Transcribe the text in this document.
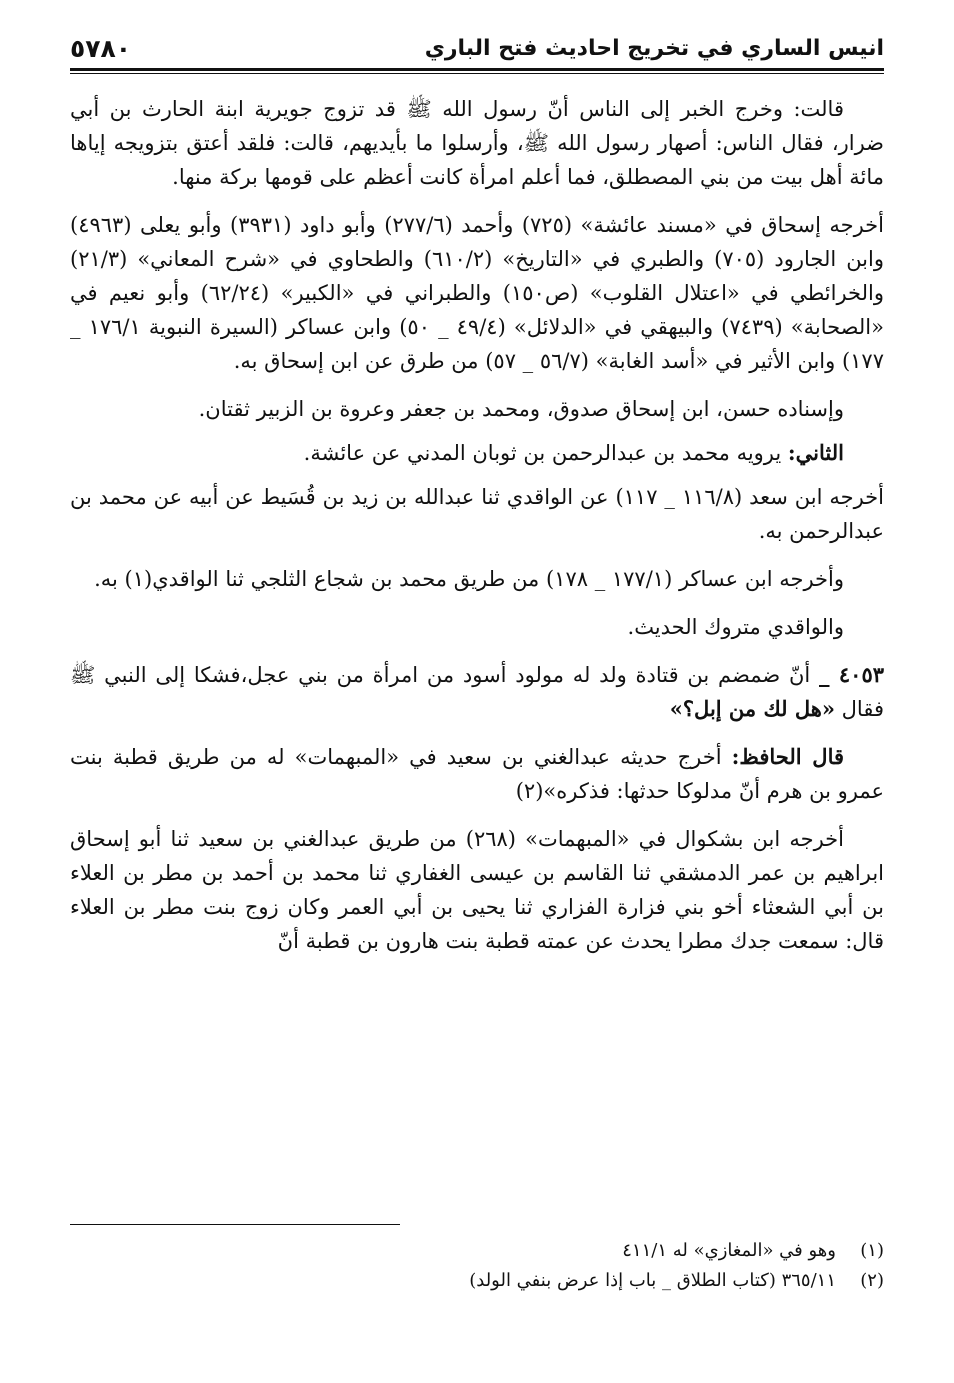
انيس الساري في تخريج احاديث فتح الباري
٥٧٨٠

قالت: وخرج الخبر إلى الناس أنّ رسول الله ﷺ قد تزوج جويرية ابنة الحارث بن أبي ضرار، فقال الناس: أصهار رسول الله ﷺ، وأرسلوا ما بأيديهم، قالت: فلقد أعتق بتزويجه إياها مائة أهل بيت من بني المصطلق، فما أعلم امرأة كانت أعظم على قومها بركة منها.

أخرجه إسحاق في «مسند عائشة» (٧٢٥) وأحمد (٢٧٧/٦) وأبو داود (٣٩٣١) وأبو يعلى (٤٩٦٣) وابن الجارود (٧٠٥) والطبري في «التاريخ» (٦١٠/٢) والطحاوي في «شرح المعاني» (٢١/٣) والخرائطي في «اعتلال القلوب» (ص١٥٠) والطبراني في «الكبير» (٦٢/٢٤) وأبو نعيم في «الصحابة» (٧٤٣٩) والبيهقي في «الدلائل» (٤٩/٤ _ ٥٠) وابن عساكر (السيرة النبوية ١٧٦/١ _ ١٧٧) وابن الأثير في «أسد الغابة» (٥٦/٧ _ ٥٧) من طرق عن ابن إسحاق به.

وإسناده حسن، ابن إسحاق صدوق، ومحمد بن جعفر وعروة بن الزبير ثقتان.

الثاني: يرويه محمد بن عبدالرحمن بن ثوبان المدني عن عائشة.

أخرجه ابن سعد (١١٦/٨ _ ١١٧) عن الواقدي ثنا عبدالله بن زيد بن قُسَيط عن أبيه عن محمد بن عبدالرحمن به.

وأخرجه ابن عساكر (١٧٧/١ _ ١٧٨) من طريق محمد بن شجاع الثلجي ثنا الواقدي(١) به.

والواقدي متروك الحديث.

٤٠٥٣ _ أنّ ضمضم بن قتادة ولد له مولود أسود من امرأة من بني عجل،فشكا إلى النبي ﷺ فقال «هل لك من إبل؟»

قال الحافظ: أخرج حديثه عبدالغني بن سعيد في «المبهمات» له من طريق قطبة بنت عمرو بن هرم أنّ مدلوكا حدثها: فذكره»(٢)

أخرجه ابن بشكوال في «المبهمات» (٢٦٨) من طريق عبدالغني بن سعيد ثنا أبو إسحاق ابراهيم بن عمر الدمشقي ثنا القاسم بن عيسى الغفاري ثنا محمد بن أحمد بن مطر بن العلاء بن أبي الشعثاء أخو بني فزارة الفزاري ثنا يحيى بن أبي العمر وكان زوج بنت مطر بن العلاء قال: سمعت جدك مطرا يحدث عن عمته قطبة بنت هارون بن قطبة أنّ

(١)
وهو في «المغازي» له ٤١١/١
(٢)
٣٦٥/١١ (كتاب الطلاق _ باب إذا عرض بنفي الولد)
